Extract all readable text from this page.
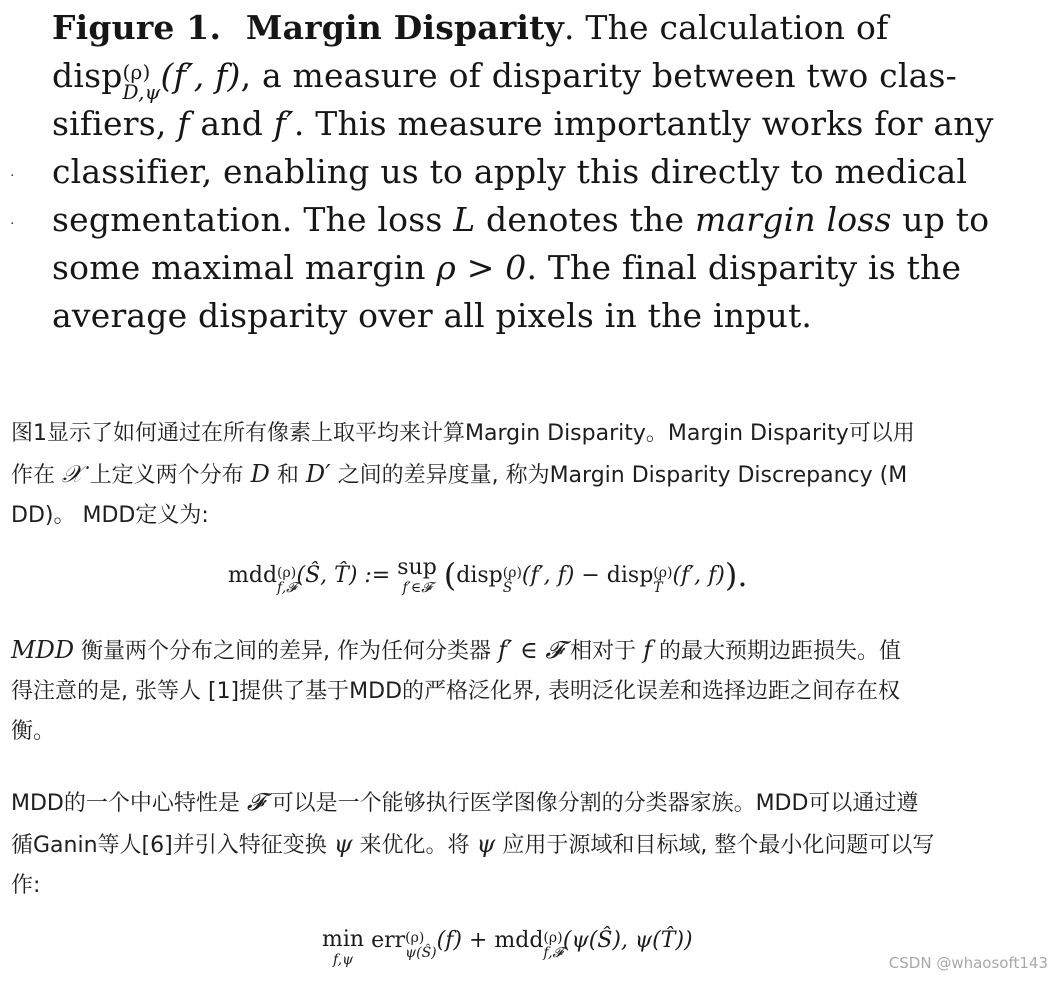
·
·
Figure 1. Margin Disparity. The calculation of
disp (ρ)
D,ψ (f′, f), a measure of disparity between two clas-
sifiers, f and f′. This measure importantly works for any
classifier, enabling us to apply this directly to medical
segmentation. The loss L denotes the margin loss up to
some maximal margin ρ > 0. The final disparity is the
average disparity over all pixels in the input.
图1显示了如何通过在所有像素上取平均来计算Margin Disparity。Margin Disparity可以用
作在 𝒳 上定义两个分布 D 和 D′ 之间的差异度量, 称为Margin Disparity Discrepancy (M
DD)。 MDD定义为:
mdd (ρ)
f,𝓕 (Ŝ, T̂) := sup
f′∈𝓕 (disp (ρ)
Ŝ (f′, f) − disp (ρ)
T̂ (f′, f)).
MDD 衡量两个分布之间的差异, 作为任何分类器 f′ ∈ 𝓕 相对于 f 的最大预期边距损失。值
得注意的是, 张等人 [1]提供了基于MDD的严格泛化界, 表明泛化误差和选择边距之间存在权
衡。
MDD的一个中心特性是 𝓕 可以是一个能够执行医学图像分割的分类器家族。MDD可以通过遵
循Ganin等人[6]并引入特征变换 ψ 来优化。将 ψ 应用于源域和目标域, 整个最小化问题可以写
作:
min
f,ψ
err (ρ)
ψ(Ŝ) (f) + mdd (ρ)
f,𝓕 (ψ(Ŝ), ψ(T̂))
CSDN @whaosoft143
